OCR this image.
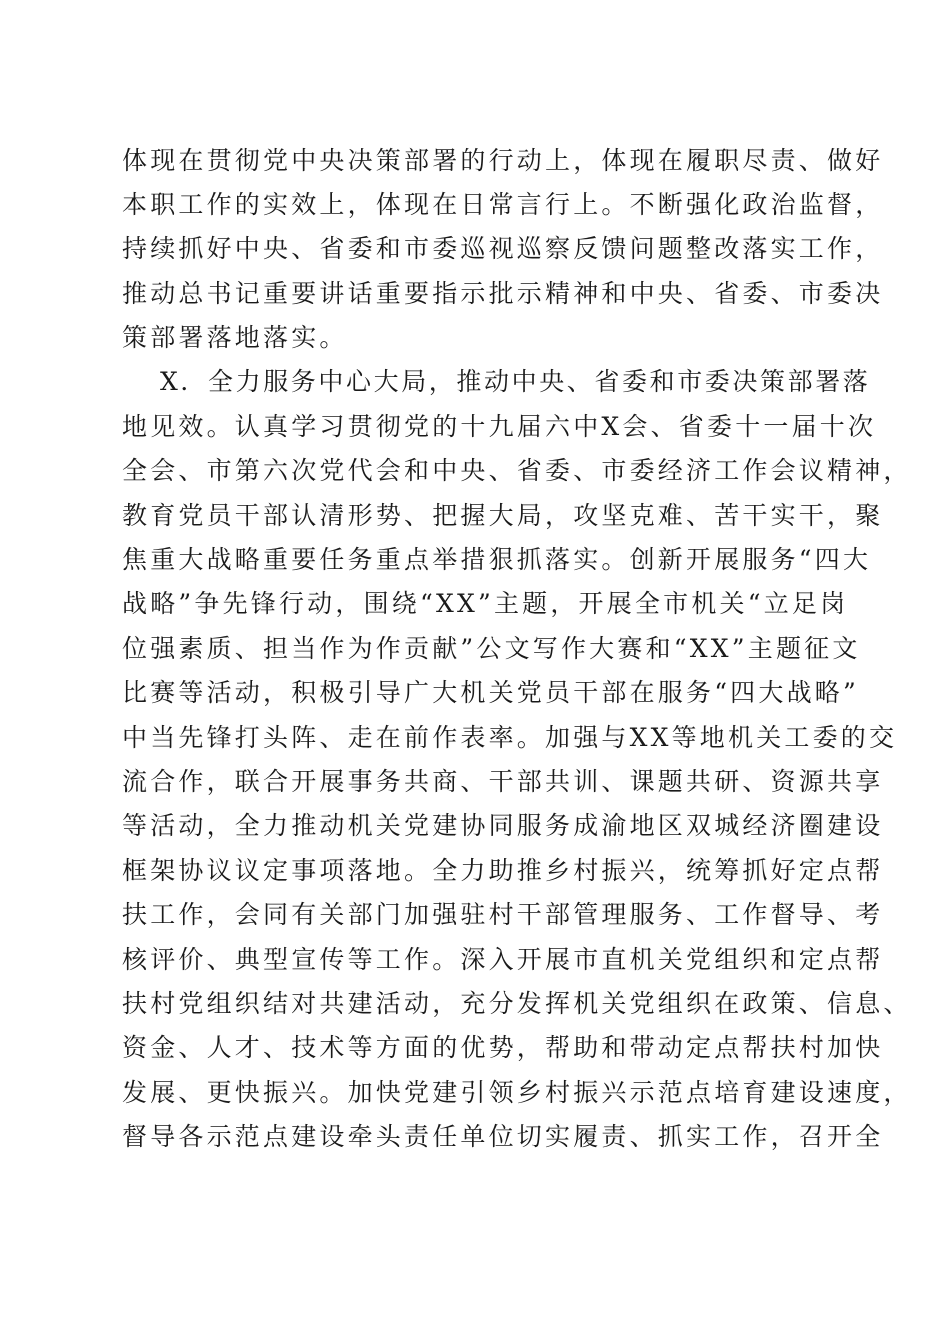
体现在贯彻党中央决策部署的行动上，体现在履职尽责、做好
本职工作的实效上，体现在日常言行上。不断强化政治监督，
持续抓好中央、省委和市委巡视巡察反馈问题整改落实工作，
推动总书记重要讲话重要指示批示精神和中央、省委、市委决
策部署落地落实。
X．全力服务中心大局，推动中央、省委和市委决策部署落
地见效。认真学习贯彻党的十九届六中X会、省委十一届十次
全会、市第六次党代会和中央、省委、市委经济工作会议精神，
教育党员干部认清形势、把握大局，攻坚克难、苦干实干，聚
焦重大战略重要任务重点举措狠抓落实。创新开展服务“四大
战略”争先锋行动，围绕“XX”主题，开展全市机关“立足岗
位强素质、担当作为作贡献”公文写作大赛和“XX”主题征文
比赛等活动，积极引导广大机关党员干部在服务“四大战略”
中当先锋打头阵、走在前作表率。加强与XX等地机关工委的交
流合作，联合开展事务共商、干部共训、课题共研、资源共享
等活动，全力推动机关党建协同服务成渝地区双城经济圈建设
框架协议议定事项落地。全力助推乡村振兴，统筹抓好定点帮
扶工作，会同有关部门加强驻村干部管理服务、工作督导、考
核评价、典型宣传等工作。深入开展市直机关党组织和定点帮
扶村党组织结对共建活动，充分发挥机关党组织在政策、信息、
资金、人才、技术等方面的优势，帮助和带动定点帮扶村加快
发展、更快振兴。加快党建引领乡村振兴示范点培育建设速度，
督导各示范点建设牵头责任单位切实履责、抓实工作，召开全
